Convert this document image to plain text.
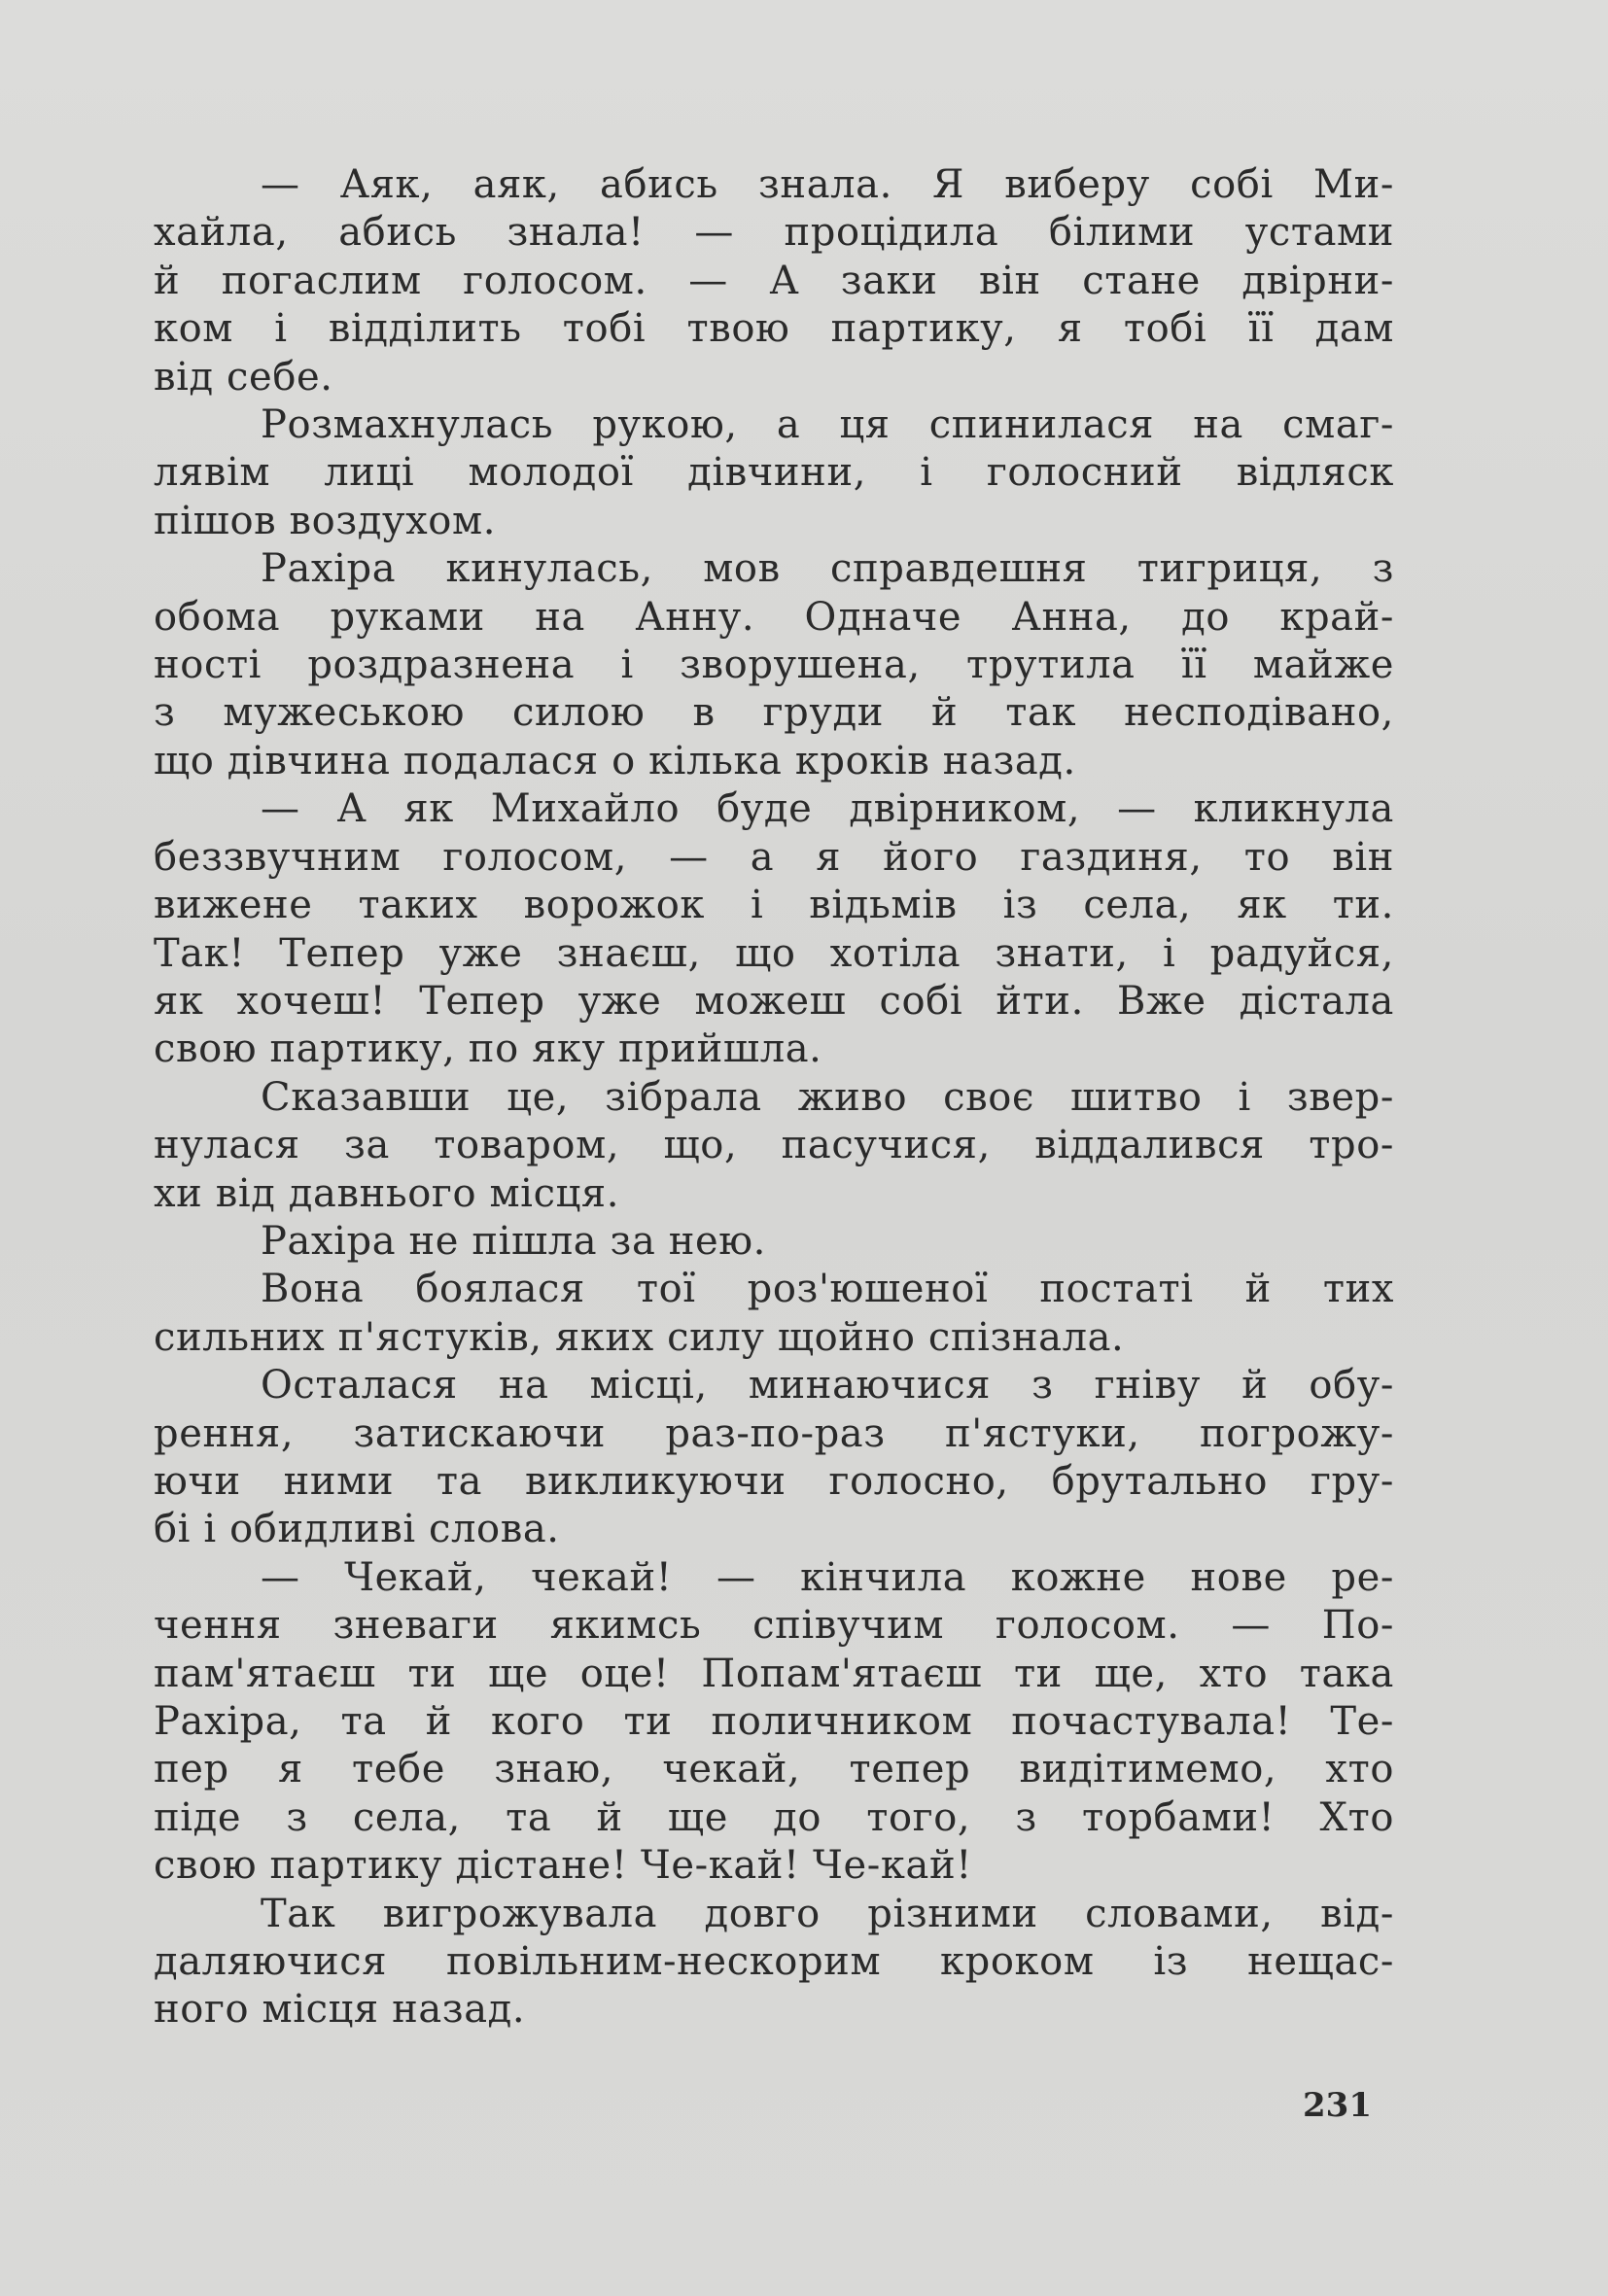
— Аяк, аяк, абись знала. Я виберу собі Ми-
хайла, абись знала! — процідила білими устами
й погаслим голосом. — А заки він стане двірни-
ком і відділить тобі твою партику, я тобі її дам
від себе.

Розмахнулась рукою, а ця спинилася на смаг-
лявім лиці молодої дівчини, і голосний відляск
пішов воздухом.

Рахіра кинулась, мов справдешня тигриця, з
обома руками на Анну. Одначе Анна, до край-
ності роздразнена і зворушена, трутила її майже
з мужеською силою в груди й так несподівано,
що дівчина подалася о кілька кроків назад.

— А як Михайло буде двірником, — кликнула
беззвучним голосом, — а я його газдиня, то він
вижене таких ворожок і відьмів із села, як ти.
Так! Тепер уже знаєш, що хотіла знати, і радуйся,
як хочеш! Тепер уже можеш собі йти. Вже дістала
свою партику, по яку прийшла.

Сказавши це, зібрала живо своє шитво і звер-
нулася за товаром, що, пасучися, віддалився тро-
хи від давнього місця.

Рахіра не пішла за нею.

Вона боялася тої роз'юшеної постаті й тих
сильних п'ястуків, яких силу щойно спізнала.

Осталася на місці, минаючися з гніву й обу-
рення, затискаючи раз-по-раз п'ястуки, погрожу-
ючи ними та викликуючи голосно, брутально гру-
бі і обидливі слова.

— Чекай, чекай! — кінчила кожне нове ре-
чення зневаги якимсь співучим голосом. — По-
пам'ятаєш ти ще оце! Попам'ятаєш ти ще, хто така
Рахіра, та й кого ти поличником почастувала! Те-
пер я тебе знаю, чекай, тепер видітимемо, хто
піде з села, та й ще до того, з торбами! Хто
свою партику дістане! Че-кай! Че-кай!

Так вигрожувала довго різними словами, від-
даляючися повільним-нескорим кроком із нещас-
ного місця назад.

231
